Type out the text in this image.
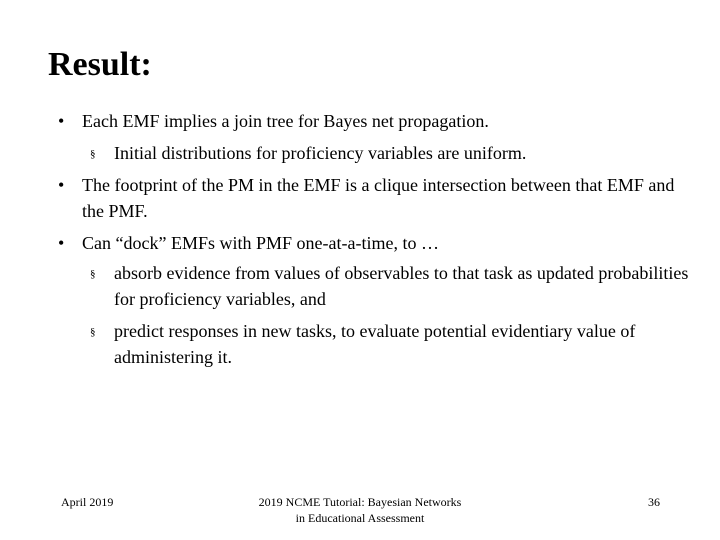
Result:
• Each EMF implies a join tree for Bayes net propagation.
§	Initial distributions for proficiency variables are uniform.
• The footprint of the PM in the EMF is a clique intersection between that EMF and the PMF.
• Can “dock” EMFs with PMF one-at-a-time, to …
§	absorb evidence from values of observables to that task as updated probabilities for proficiency variables, and
§	predict responses in new tasks, to evaluate potential evidentiary value of administering it.
April 2019	2019 NCME Tutorial: Bayesian Networks
in Educational Assessment
36
